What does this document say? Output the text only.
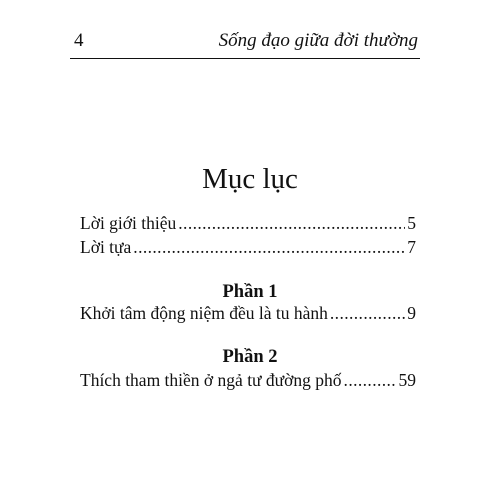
4	Sống đạo giữa đời thường
Mục lục
Lời giới thiệu .....	5
Lời tựa .....	7
Phần 1
Khởi tâm động niệm đều là tu hành .....	9
Phần 2
Thích tham thiền ở ngả tư đường phố .....	59
